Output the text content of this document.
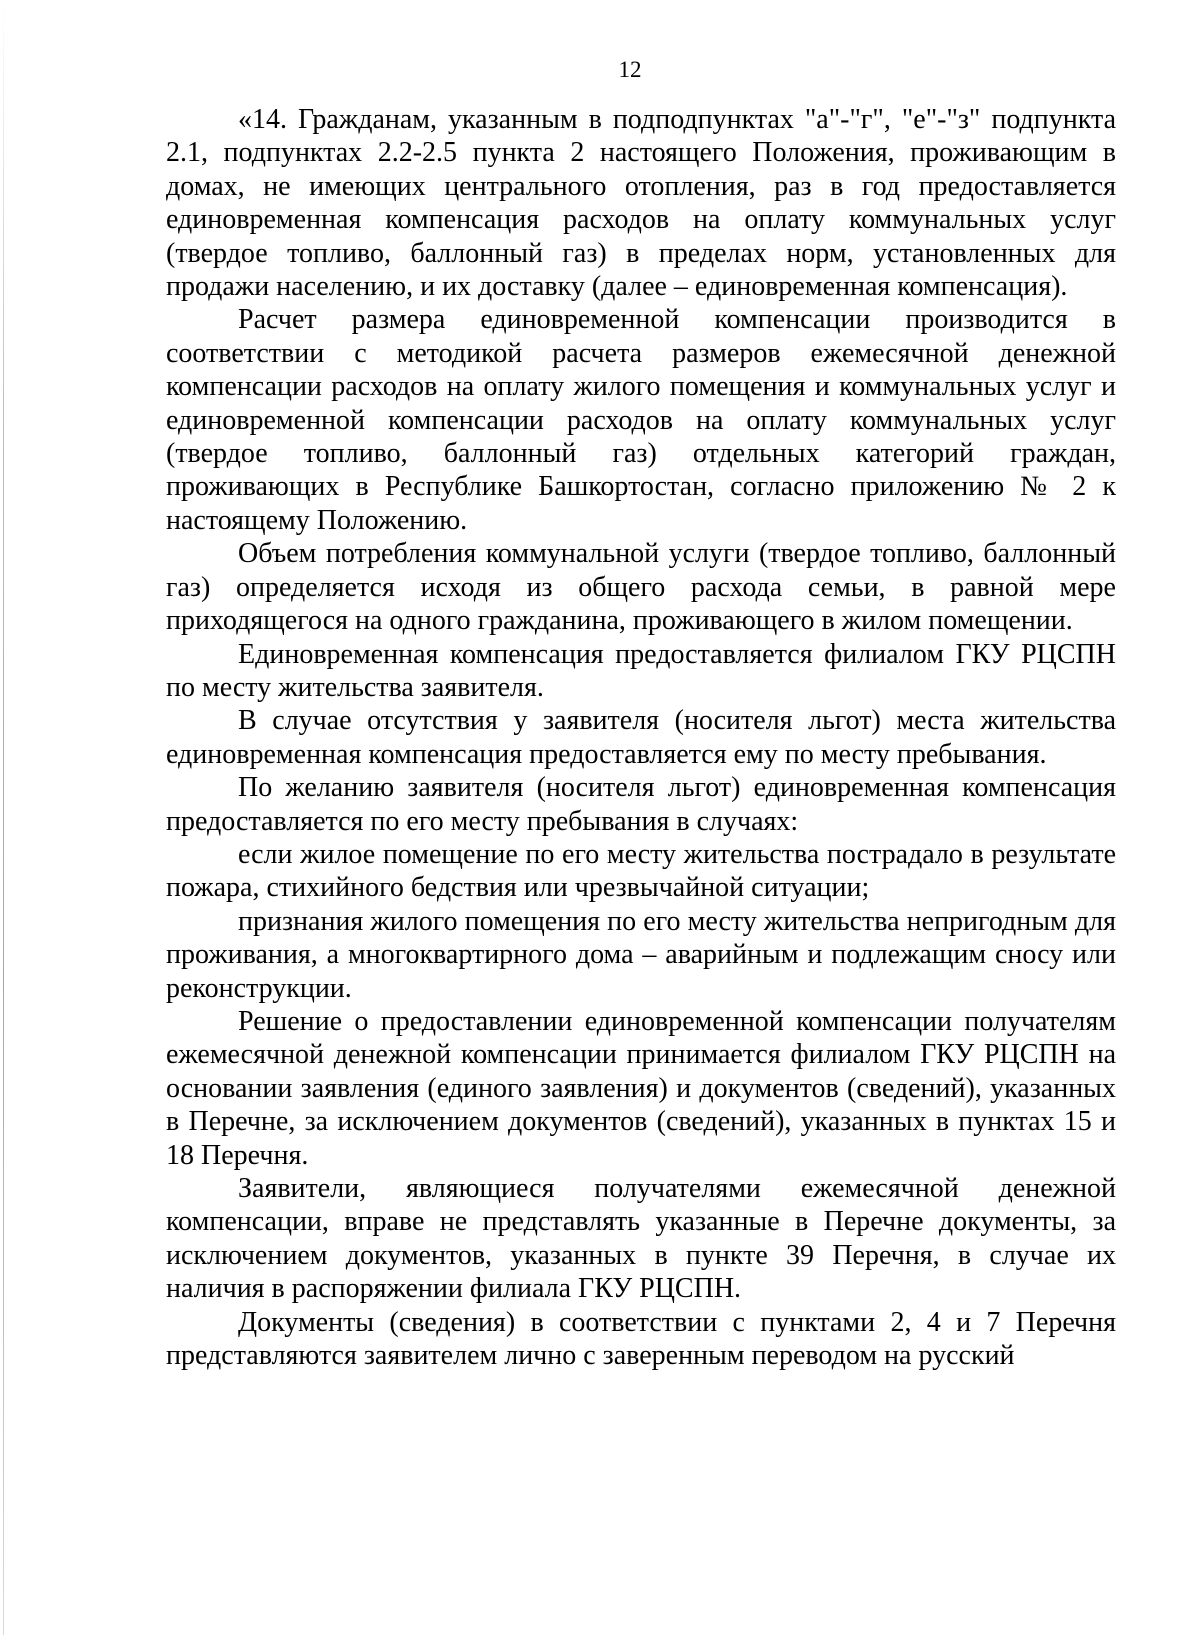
12

«14. Гражданам, указанным в подподпунктах "а"-"г", "е"-"з" подпункта 2.1, подпунктах 2.2-2.5 пункта 2 настоящего Положения, проживающим в домах, не имеющих центрального отопления, раз в год предоставляется единовременная компенсация расходов на оплату коммунальных услуг (твердое топливо, баллонный газ) в пределах норм, установленных для продажи населению, и их доставку (далее – единовременная компенсация).

Расчет размера единовременной компенсации производится в соответствии с методикой расчета размеров ежемесячной денежной компенсации расходов на оплату жилого помещения и коммунальных услуг и единовременной компенсации расходов на оплату коммунальных услуг (твердое топливо, баллонный газ) отдельных категорий граждан, проживающих в Республике Башкортостан, согласно приложению № 2 к настоящему Положению.

Объем потребления коммунальной услуги (твердое топливо, баллонный газ) определяется исходя из общего расхода семьи, в равной мере приходящегося на одного гражданина, проживающего в жилом помещении.

Единовременная компенсация предоставляется филиалом ГКУ РЦСПН по месту жительства заявителя.

В случае отсутствия у заявителя (носителя льгот) места жительства единовременная компенсация предоставляется ему по месту пребывания.

По желанию заявителя (носителя льгот) единовременная компенсация предоставляется по его месту пребывания в случаях:

если жилое помещение по его месту жительства пострадало в результате пожара, стихийного бедствия или чрезвычайной ситуации;

признания жилого помещения по его месту жительства непригодным для проживания, а многоквартирного дома – аварийным и подлежащим сносу или реконструкции.

Решение о предоставлении единовременной компенсации получателям ежемесячной денежной компенсации принимается филиалом ГКУ РЦСПН на основании заявления (единого заявления) и документов (сведений), указанных в Перечне, за исключением документов (сведений), указанных в пунктах 15 и 18 Перечня.

Заявители, являющиеся получателями ежемесячной денежной компенсации, вправе не представлять указанные в Перечне документы, за исключением документов, указанных в пункте 39 Перечня, в случае их наличия в распоряжении филиала ГКУ РЦСПН.

Документы (сведения) в соответствии с пунктами 2, 4 и 7 Перечня представляются заявителем лично с заверенным переводом на русский
